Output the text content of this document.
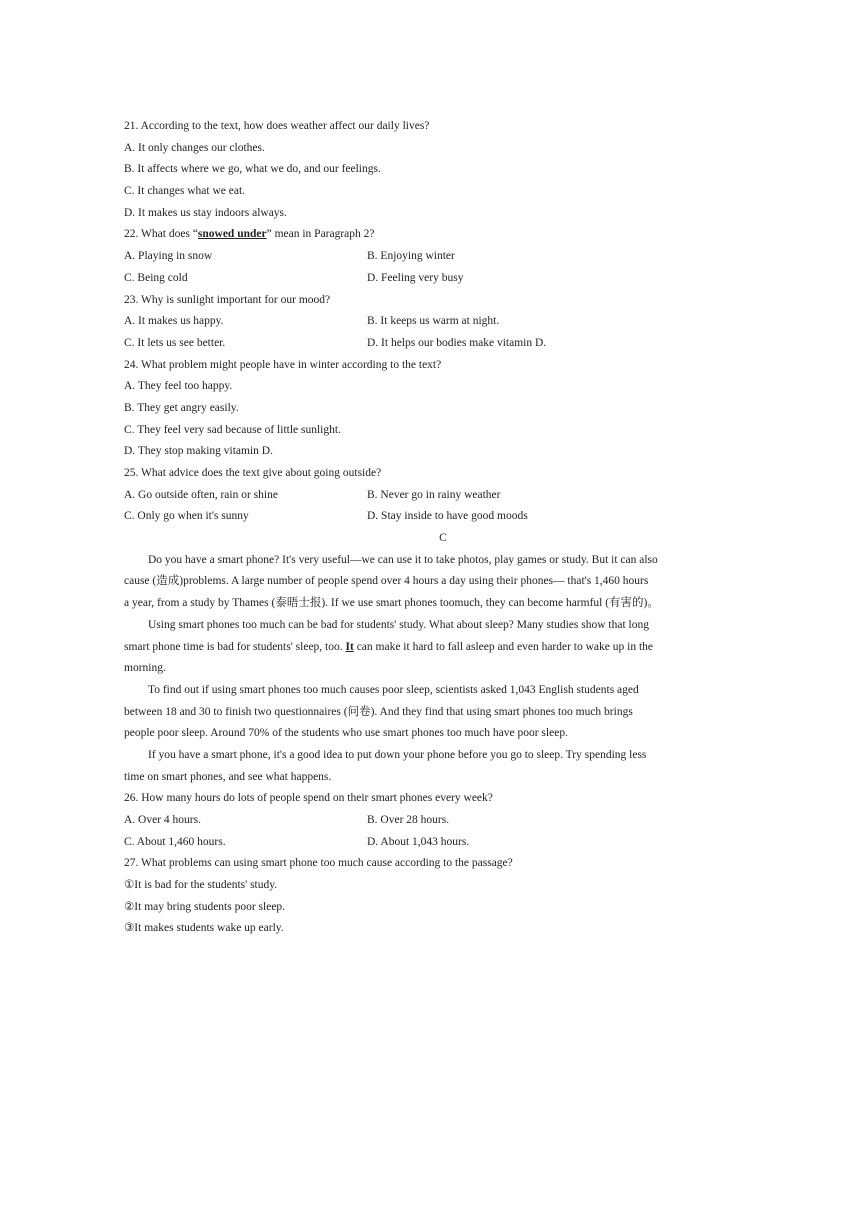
21. According to the text, how does weather affect our daily lives?
A. It only changes our clothes.
B. It affects where we go, what we do, and our feelings.
C. It changes what we eat.
D. It makes us stay indoors always.
22. What does “snowed under” mean in Paragraph 2?
A. Playing in snow	B. Enjoying winter
C. Being cold	D. Feeling very busy
23. Why is sunlight important for our mood?
A. It makes us happy.	B. It keeps us warm at night.
C. It lets us see better.	D. It helps our bodies make vitamin D.
24. What problem might people have in winter according to the text?
A. They feel too happy.
B. They get angry easily.
C. They feel very sad because of little sunlight.
D. They stop making vitamin D.
25. What advice does the text give about going outside?
A. Go outside often, rain or shine	B. Never go in rainy weather
C. Only go when it's sunny	D. Stay inside to have good moods
C
Do you have a smart phone? It's very useful—we can use it to take photos, play games or study. But it can also
cause (造成)problems. A large number of people spend over 4 hours a day using their phones— that's 1,460 hours
a year, from a study by Thames (泰晤士报). If we use smart phones toomuch, they can become harmful (有害的)。
Using smart phones too much can be bad for students' study. What about sleep? Many studies show that long
smart phone time is bad for students' sleep, too. It can make it hard to fall asleep and even harder to wake up in the
morning.
To find out if using smart phones too much causes poor sleep, scientists asked 1,043 English students aged
between 18 and 30 to finish two questionnaires (问卷). And they find that using smart phones too much brings
people poor sleep. Around 70% of the students who use smart phones too much have poor sleep.
If you have a smart phone, it's a good idea to put down your phone before you go to sleep. Try spending less
time on smart phones, and see what happens.
26. How many hours do lots of people spend on their smart phones every week?
A. Over 4 hours.	B. Over 28 hours.
C. About 1,460 hours.	D. About 1,043 hours.
27. What problems can using smart phone too much cause according to the passage?
①It is bad for the students' study.
②It may bring students poor sleep.
③It makes students wake up early.
